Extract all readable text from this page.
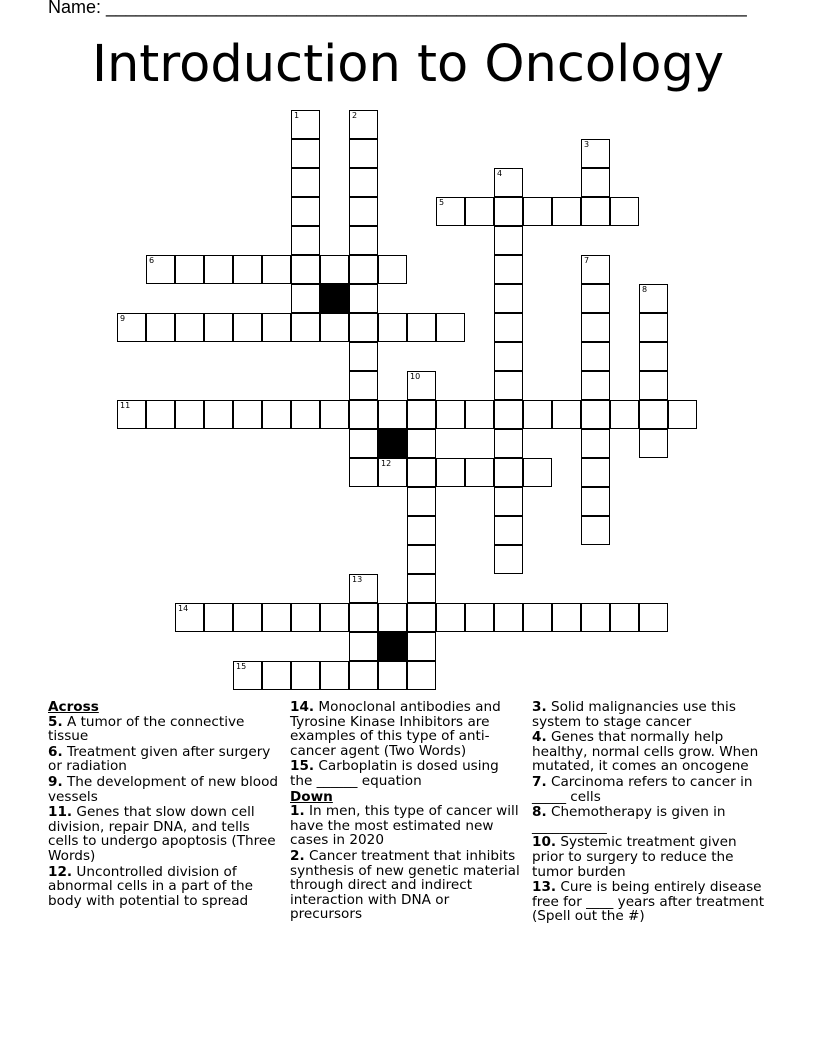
Name: ________________________________________________________________
Introduction to Oncology
1	2
3
4
5
6	7
8
9
10
11
12
13
14
15
Across
5. A tumor of the connective tissue
6. Treatment given after surgery or radiation
9. The development of new blood vessels
11. Genes that slow down cell division, repair DNA, and tells cells to undergo apoptosis (Three Words)
12. Uncontrolled division of abnormal cells in a part of the body with potential to spread
14. Monoclonal antibodies and Tyrosine Kinase Inhibitors are examples of this type of anti-cancer agent (Two Words)
15. Carboplatin is dosed using the ______ equation
Down
1. In men, this type of cancer will have the most estimated new cases in 2020
2. Cancer treatment that inhibits synthesis of new genetic material through direct and indirect interaction with DNA or precursors
3. Solid malignancies use this system to stage cancer
4. Genes that normally help healthy, normal cells grow. When mutated, it comes an oncogene
7. Carcinoma refers to cancer in _____ cells
8. Chemotherapy is given in ___________
10. Systemic treatment given prior to surgery to reduce the tumor burden
13. Cure is being entirely disease free for ____ years after treatment (Spell out the #)
